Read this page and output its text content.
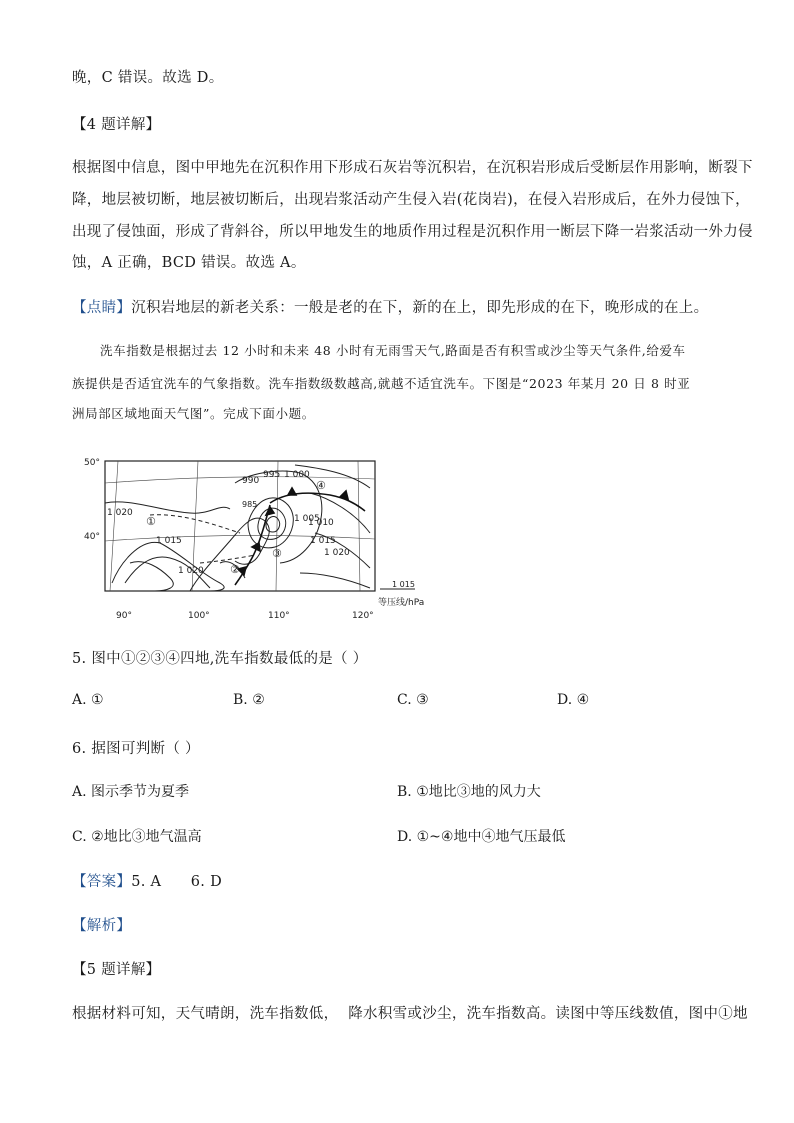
晚，C 错误。故选 D。
【4 题详解】
根据图中信息，图中甲地先在沉积作用下形成石灰岩等沉积岩，在沉积岩形成后受断层作用影响，断裂下
降，地层被切断，地层被切断后，出现岩浆活动产生侵入岩(花岗岩)，在侵入岩形成后，在外力侵蚀下，
出现了侵蚀面，形成了背斜谷，所以甲地发生的地质作用过程是沉积作用一断层下降一岩浆活动一外力侵
蚀，A 正确，BCD 错误。故选 A。
【点睛】沉积岩地层的新老关系：一般是老的在下，新的在上，即先形成的在下，晚形成的在上。
洗车指数是根据过去 12 小时和未来 48 小时有无雨雪天气,路面是否有积雪或沙尘等天气条件,给爱车
族提供是否适宜洗车的气象指数。洗车指数级数越高,就越不适宜洗车。下图是“2023 年某月 20 日 8 时亚
洲局部区域地面天气图”。完成下面小题。
50°
40°
90°	100°	110°	120°
995 1 000
990
985
1 020
1 015
1 005
1 010
1 015
1 020
1 020
①
②
③
④
1 015
等压线/hPa
5. 图中①②③④四地,洗车指数最低的是（ ）
A. ①	B. ②	C. ③	D. ④
6. 据图可判断（ ）
A. 图示季节为夏季	B. ①地比③地的风力大
C. ②地比③地气温高	D. ①~④地中④地气压最低
【答案】5. A      6. D
【解析】
【5 题详解】
根据材料可知，天气晴朗，洗车指数低，  降水积雪或沙尘，洗车指数高。读图中等压线数值，图中①地
